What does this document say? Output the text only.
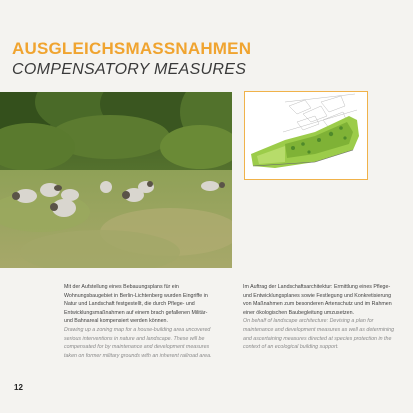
AUSGLEICHSMASSNAHMEN
COMPENSATORY MEASURES
Mit der Aufstellung eines Bebauungsplans für ein Wohnungsbaugebiet in Berlin-Lichtenberg wurden Eingriffe in Natur und Landschaft festgestellt, die durch Pflege- und Entwicklungsmaßnahmen auf einem brach gefallenen Militär- und Bahnareal kompensiert werden können.
Drawing up a zoning map for a house-building area uncovered serious interventions in nature and landscape. These will be compensated for by maintenance and development measures taken on former military grounds with an inherent railroad area.
Im Auftrag der Landschaftsarchitektur: Ermittlung eines Pflege- und Entwicklungsplanes sowie Festlegung und Konkretisierung von Maßnahmen zum besonderen Artenschutz und im Rahmen einer ökologischen Baubegleitung umzusetzen.
On behalf of landscape architecture: Devising a plan for maintenance and development measures as well as determining and ascertaining measures directed at species protection in the context of an ecological building support.
12
